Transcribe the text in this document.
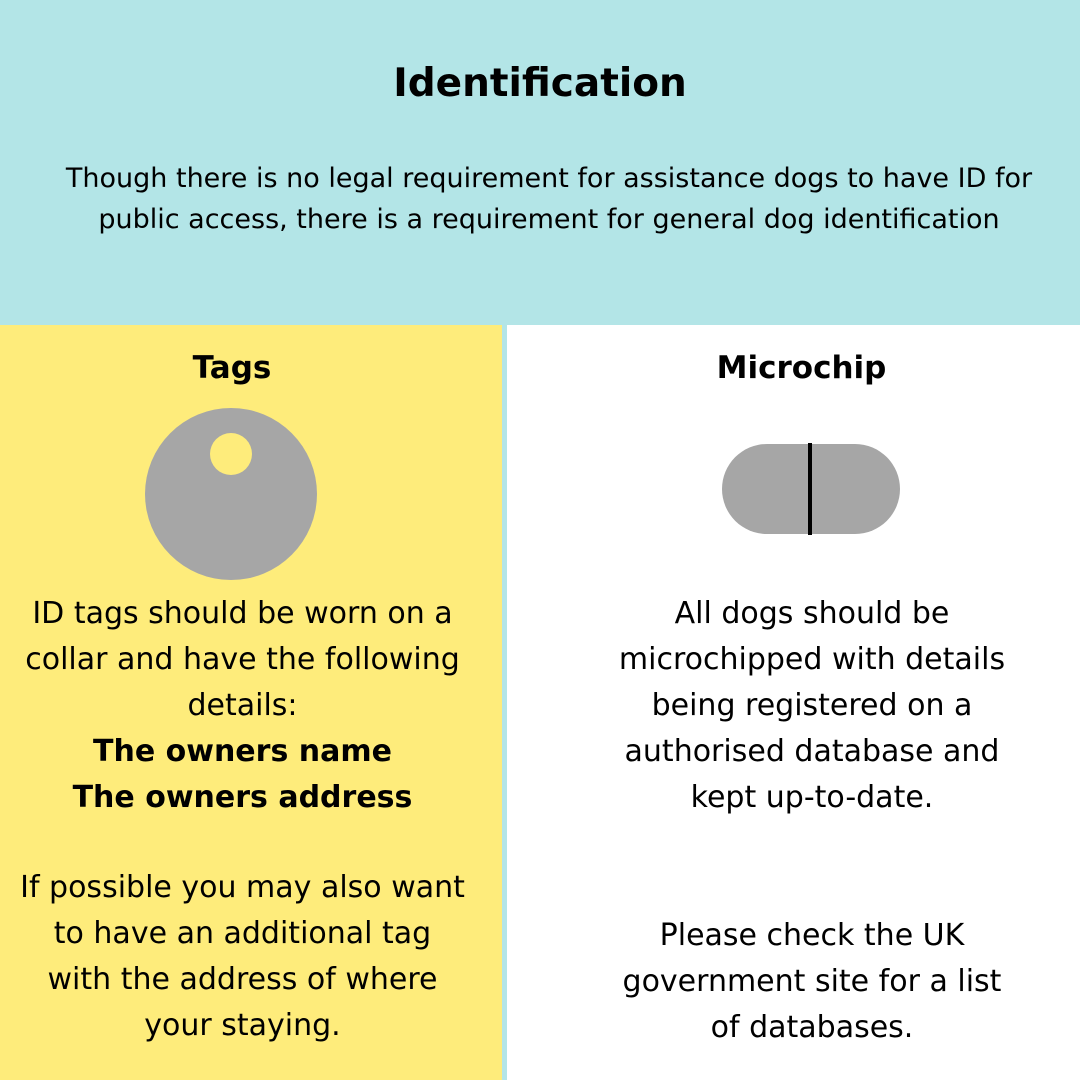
Identification

Though there is no legal requirement for assistance dogs to have ID for public access, there is a requirement for general dog identification

Tags
ID tags should be worn on a collar and have the following details:
The owners name
The owners address
If possible you may also want to have an additional tag with the address of where your staying.
Microchip

All dogs should be microchipped with details being registered on a authorised database and kept up-to-date.

Please check the UK government site for a list of databases.
